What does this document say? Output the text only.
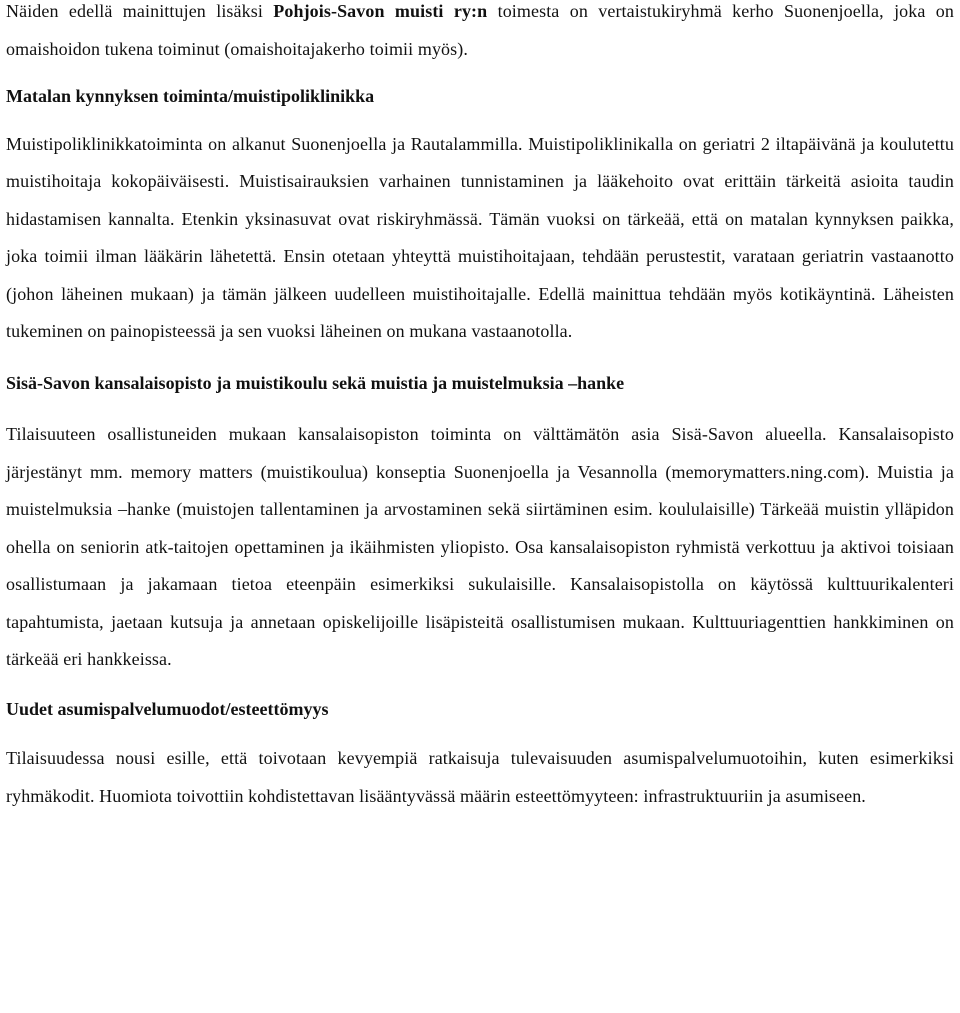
Näiden edellä mainittujen lisäksi Pohjois-Savon muisti ry:n toimesta on vertaistukiryhmä kerho Suonenjoella, joka on omaishoidon tukena toiminut (omaishoitajakerho toimii myös).

Matalan kynnyksen toiminta/muistipoliklinikka

Muistipoliklinikkatoiminta on alkanut Suonenjoella ja Rautalammilla. Muistipoliklinikalla on geriatri 2 iltapäivänä ja koulutettu muistihoitaja kokopäiväisesti. Muistisairauksien varhainen tunnistaminen ja lääkehoito ovat erittäin tärkeitä asioita taudin hidastamisen kannalta. Etenkin yksinasuvat ovat riskiryhmässä. Tämän vuoksi on tärkeää, että on matalan kynnyksen paikka, joka toimii ilman lääkärin lähetettä. Ensin otetaan yhteyttä muistihoitajaan, tehdään perustestit, varataan geriatrin vastaanotto (johon läheinen mukaan) ja tämän jälkeen uudelleen muistihoitajalle. Edellä mainittua tehdään myös kotikäyntinä. Läheisten tukeminen on painopisteessä ja sen vuoksi läheinen on mukana vastaanotolla.

Sisä-Savon kansalaisopisto ja muistikoulu sekä muistia ja muistelmuksia –hanke

Tilaisuuteen osallistuneiden mukaan kansalaisopiston toiminta on välttämätön asia Sisä-Savon alueella. Kansalaisopisto järjestänyt mm. memory matters (muistikoulua) konseptia Suonenjoella ja Vesannolla (memorymatters.ning.com). Muistia ja muistelmuksia –hanke (muistojen tallentaminen ja arvostaminen sekä siirtäminen esim. koululaisille) Tärkeää muistin ylläpidon ohella on seniorin atk-taitojen opettaminen ja ikäihmisten yliopisto. Osa kansalaisopiston ryhmistä verkottuu ja aktivoi toisiaan osallistumaan ja jakamaan tietoa eteenpäin esimerkiksi sukulaisille. Kansalaisopistolla on käytössä kulttuurikalenteri tapahtumista, jaetaan kutsuja ja annetaan opiskelijoille lisäpisteitä osallistumisen mukaan. Kulttuuriagenttien hankkiminen on tärkeää eri hankkeissa.

Uudet asumispalvelumuodot/esteettömyys

Tilaisuudessa nousi esille, että toivotaan kevyempiä ratkaisuja tulevaisuuden asumispalvelumuotoihin, kuten esimerkiksi ryhmäkodit. Huomiota toivottiin kohdistettavan lisääntyvässä määrin esteettömyyteen: infrastruktuuriin ja asumiseen.
